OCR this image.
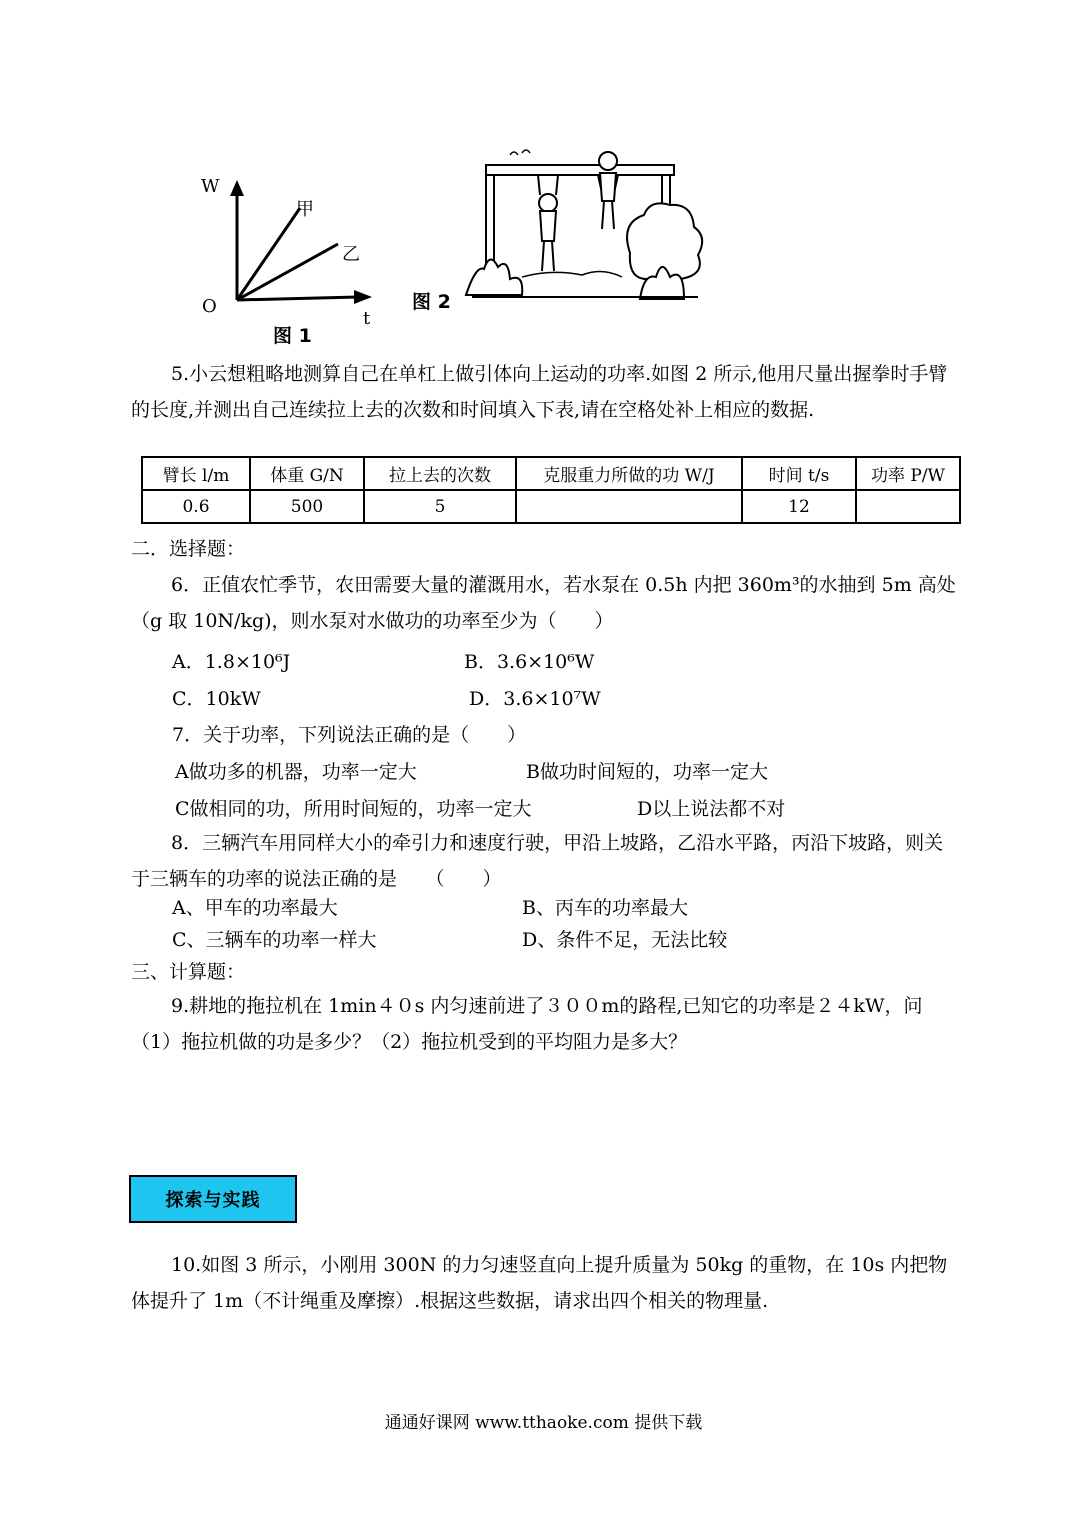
W
t
O
甲
乙
图 1
图 2
5.小云想粗略地测算自己在单杠上做引体向上运动的功率.如图 2 所示,他用尺量出握拳时手臂的长度,并测出自己连续拉上去的次数和时间填入下表,请在空格处补上相应的数据.
臂长 l/m	体重 G/N	拉上去的次数	克服重力所做的功 W/J	时间 t/s	功率 P/W
0.6	500	5		12	
二．选择题：
6．正值农忙季节，农田需要大量的灌溉用水，若水泵在 0.5h 内把 360m³的水抽到 5m 高处（g 取 10N/kg)，则水泵对水做功的功率至少为（　　）
A．1.8×10⁶J	B．3.6×10⁶W
C．10kW	D．3.6×10⁷W
7．关于功率，下列说法正确的是（　　）
A做功多的机器，功率一定大	B做功时间短的，功率一定大
C做相同的功，所用时间短的，功率一定大	D以上说法都不对
8．三辆汽车用同样大小的牵引力和速度行驶，甲沿上坡路，乙沿水平路，丙沿下坡路，则关于三辆车的功率的说法正确的是　　（　　）
A、甲车的功率最大	B、丙车的功率最大
C、三辆车的功率一样大	D、条件不足，无法比较
三、计算题：
9.耕地的拖拉机在 1min４０s 内匀速前进了３００m的路程,已知它的功率是２４kW，问（1）拖拉机做的功是多少？（2）拖拉机受到的平均阻力是多大？
探索与实践
10.如图 3 所示，小刚用 300N 的力匀速竖直向上提升质量为 50kg 的重物，在 10s 内把物体提升了 1m（不计绳重及摩擦）.根据这些数据，请求出四个相关的物理量.
通通好课网 www.tthaoke.com 提供下载
